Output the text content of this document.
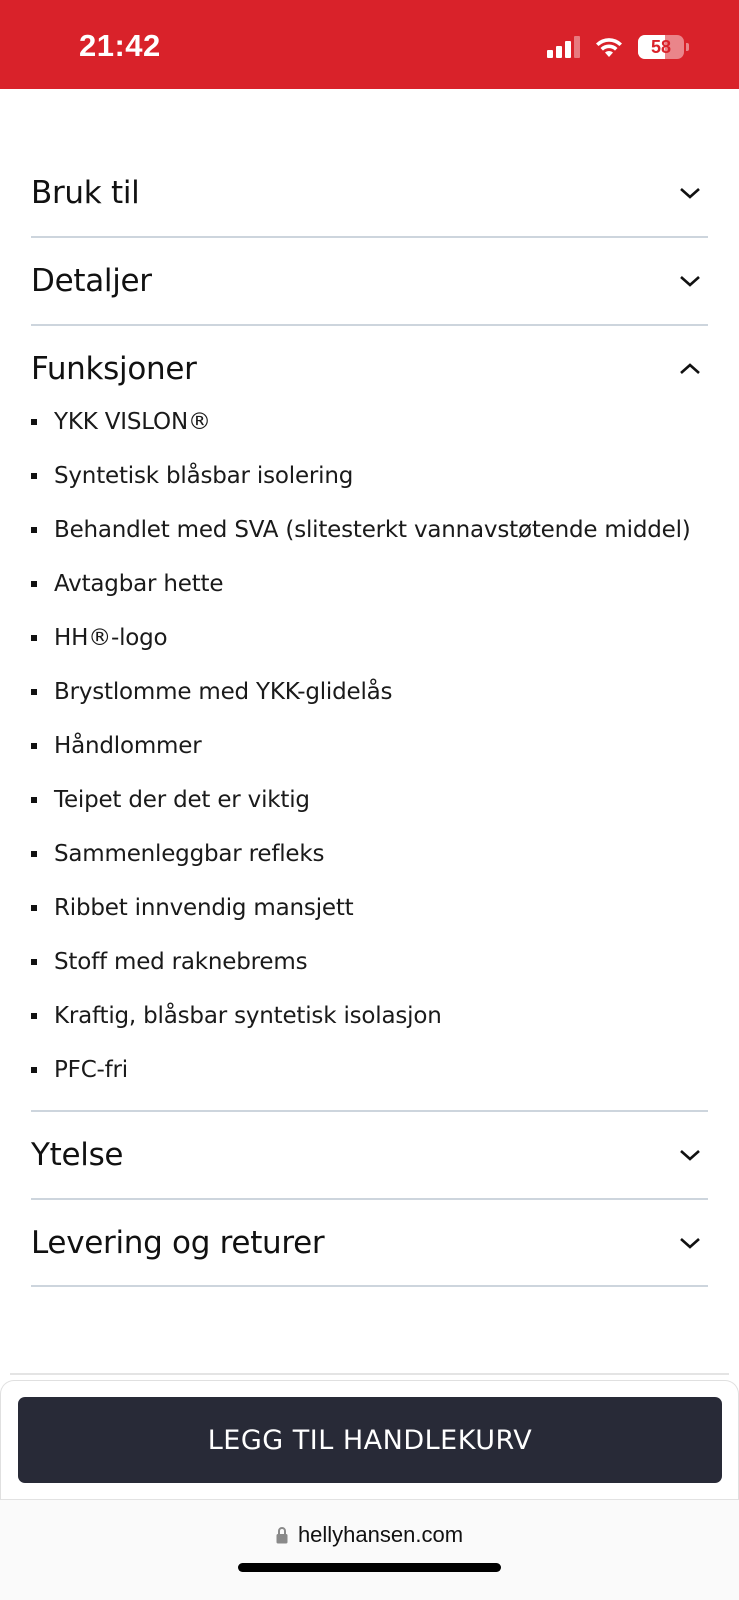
21:42	58
Bruk til
Detaljer
Funksjoner
YKK VISLON®
Syntetisk blåsbar isolering
Behandlet med SVA (slitesterkt vannavstøtende middel)
Avtagbar hette
HH®-logo
Brystlomme med YKK-glidelås
Håndlommer
Teipet der det er viktig
Sammenleggbar refleks
Ribbet innvendig mansjett
Stoff med raknebrems
Kraftig, blåsbar syntetisk isolasjon
PFC-fri
Ytelse
Levering og returer
LEGG TIL HANDLEKURV
hellyhansen.com
